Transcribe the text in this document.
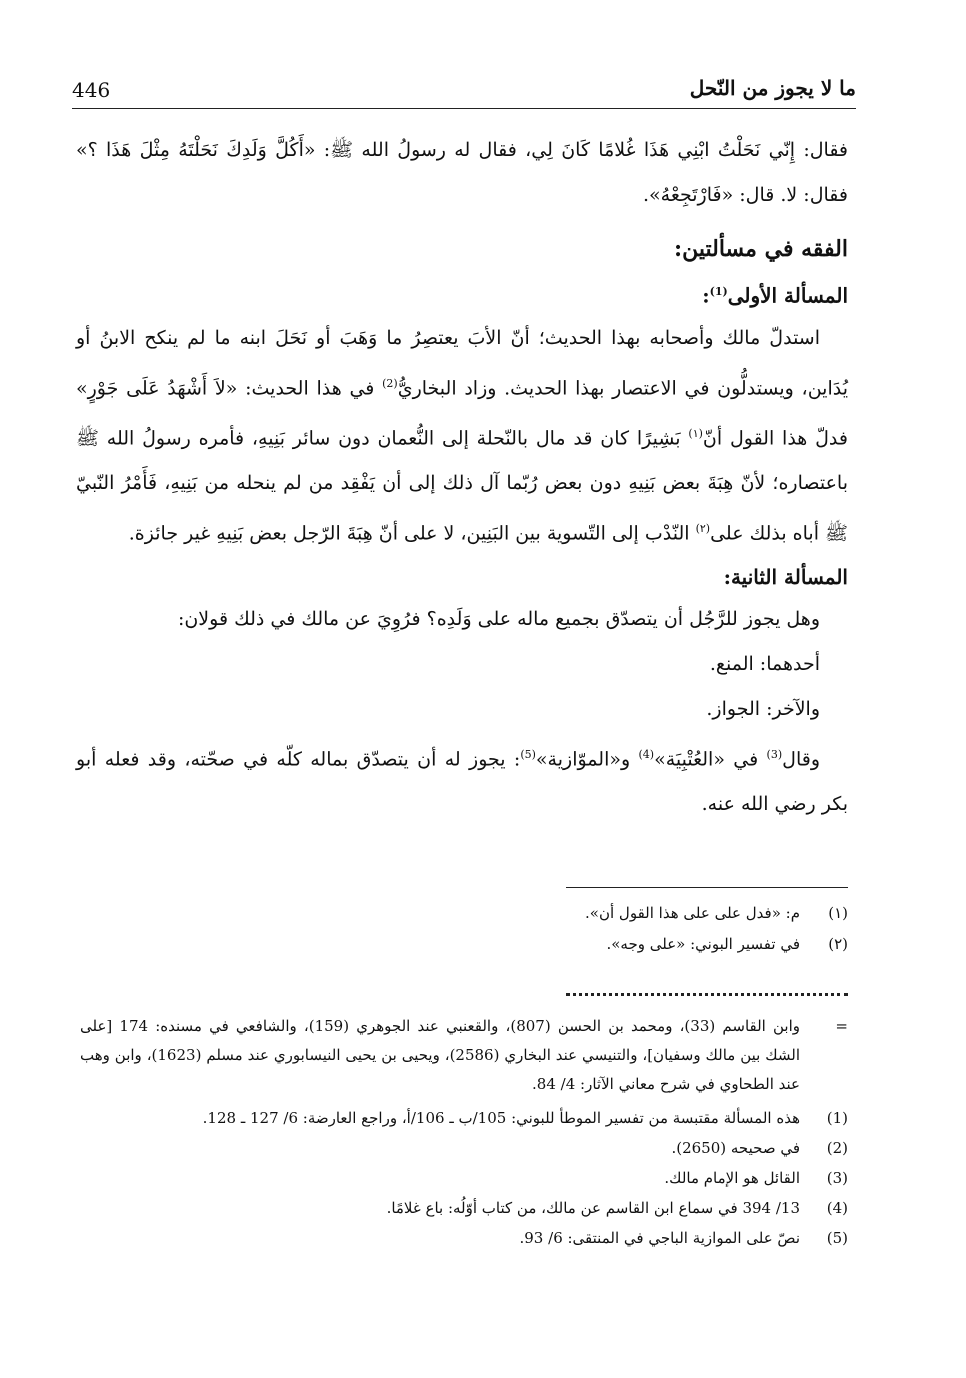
446	ما لا يجوز من النّحل

فقال: إِنّي نَحَلْتُ ابْنِي هَذَا غُلامًا كَانَ لِي، فقال له رسولُ الله ﷺ: «أَكُلَّ وَلَدِكَ نَحَلْتَهُ مِثْلَ هَذَا ؟» فقال: لا. قال: «فَارْتَجِعْهُ».

الفقه في مسألتين:
المسألة الأولى$^{(1)}$:

استدلّ مالك وأصحابه بهذا الحديث؛ أنّ الأبَ يعتصِرُ ما وَهَبَ أو نَحَلَ ابنه ما لم ينكح الابنُ أو يُدَاين، ويستدلُّون في الاعتصار بهذا الحديث. وزاد البخاريُّ$^{(2)}$ في هذا الحديث: «لاَ أَشْهَدُ عَلَى جَوْرٍ» فدلّ هذا القول أنّ$^{(١)}$ بَشِيرًا كان قد مال بالنّحلة إلى النُّعمان دون سائر بَنِيهِ، فأمره رسولُ الله ﷺ باعتصاره؛ لأنّ هِبَةَ بعض بَنِيهِ دون بعض رُبّما آل ذلك إلى أن يَفْقِد من لم ينحله من بَنِيهِ، فَأَمْرُ النّبيّ ﷺ أباه بذلك على$^{(٢)}$ النّدْب إلى التّسوية بين البَنِين، لا على أنّ هِبَةَ الرّجل بعض بَنِيهِ غير جائزة.

المسألة الثانية:

وهل يجوز للرَّجُل أن يتصدّق بجميع ماله على وَلَدِه؟ فرُوِيَ عن مالك في ذلك قولان:

أحدهما: المنع.
والآخر: الجواز.

وقال$^{(3)}$ في «العُتْبِيَة»$^{(4)}$ و«الموّازية»$^{(5)}$: يجوز له أن يتصدّق بماله كلّه في صحّته، وقد فعله أبو بكر رضي الله عنه.

(١)
م: «فدل على على هذا القول أن».
(٢)
في تفسير البوني: «على وجه».
=
وابن القاسم (33)، ومحمد بن الحسن (807)، والقعنبي عند الجوهري (159)، والشافعي في مسنده: 174 [على الشك بين مالك وسفيان]، والتنيسي عند البخاري (2586)، ويحيى بن يحيى النيسابوري عند مسلم (1623)، وابن وهب عند الطحاوي في شرح معاني الآثار: 4/ 84.
(1)
هذه المسألة مقتبسة من تفسير الموطأ للبوني: 105/ب ـ 106/أ، وراجع العارضة: 6/ 127 ـ 128.
(2)
في صحيحه (2650).
(3)
القائل هو الإمام مالك.
(4)
13/ 394 في سماع ابن القاسم عن مالك، من كتاب أوّلُه: باع غلامًا.
(5)
نصّ على الموازية الباجي في المنتقى: 6/ 93.
